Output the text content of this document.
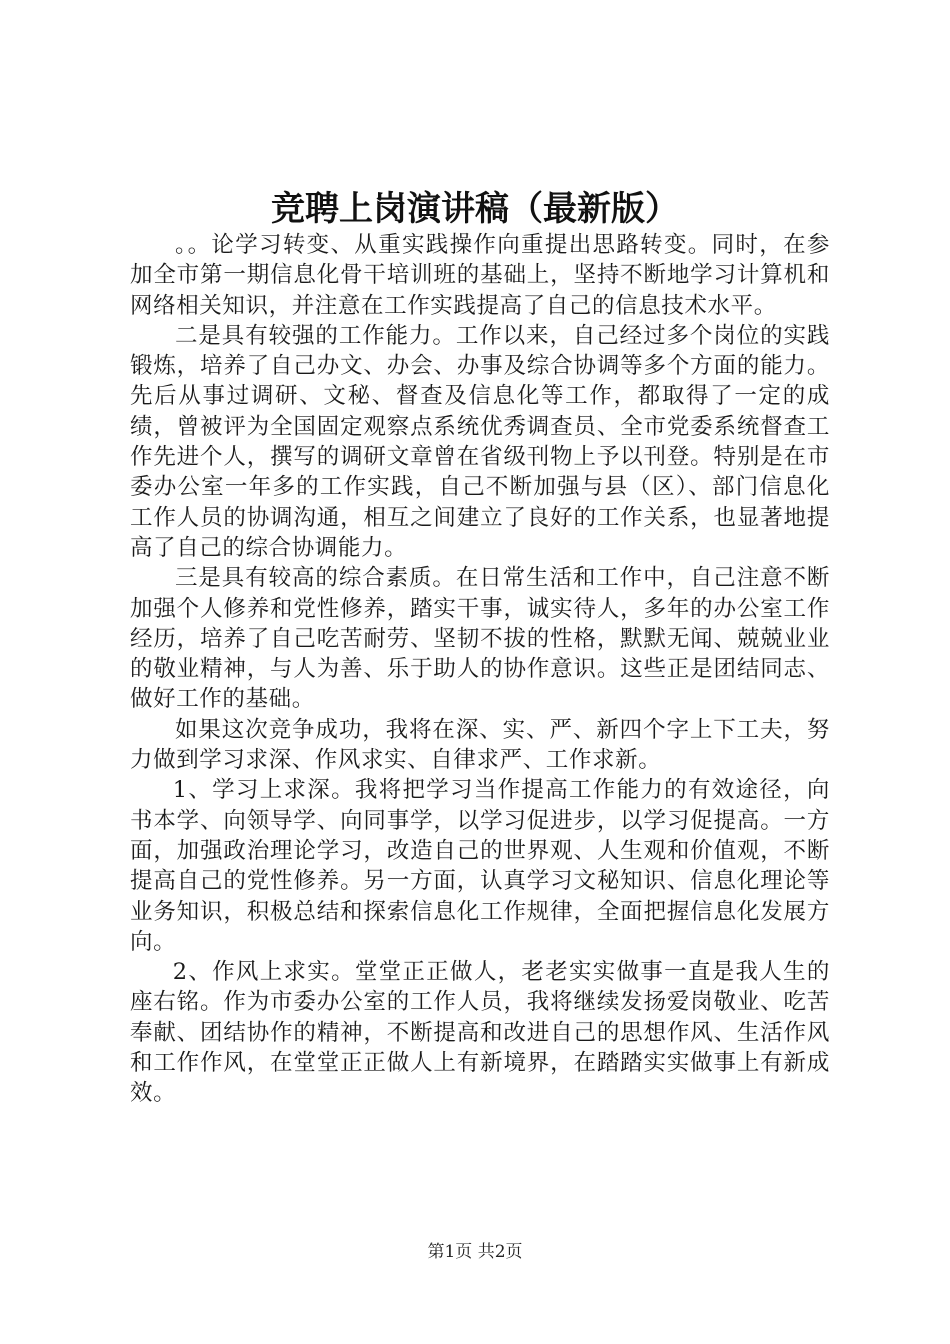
竞聘上岗演讲稿（最新版）

。。论学习转变、从重实践操作向重提出思路转变。同时，在参加全市第一期信息化骨干培训班的基础上，坚持不断地学习计算机和网络相关知识，并注意在工作实践提高了自己的信息技术水平。

二是具有较强的工作能力。工作以来，自己经过多个岗位的实践锻炼，培养了自己办文、办会、办事及综合协调等多个方面的能力。先后从事过调研、文秘、督查及信息化等工作，都取得了一定的成绩，曾被评为全国固定观察点系统优秀调查员、全市党委系统督查工作先进个人，撰写的调研文章曾在省级刊物上予以刊登。特别是在市委办公室一年多的工作实践，自己不断加强与县（区）、部门信息化工作人员的协调沟通，相互之间建立了良好的工作关系，也显著地提高了自己的综合协调能力。

三是具有较高的综合素质。在日常生活和工作中，自己注意不断加强个人修养和党性修养，踏实干事，诚实待人，多年的办公室工作经历，培养了自己吃苦耐劳、坚韧不拔的性格，默默无闻、兢兢业业的敬业精神，与人为善、乐于助人的协作意识。这些正是团结同志、做好工作的基础。

如果这次竞争成功，我将在深、实、严、新四个字上下工夫，努力做到学习求深、作风求实、自律求严、工作求新。

1、学习上求深。我将把学习当作提高工作能力的有效途径，向书本学、向领导学、向同事学，以学习促进步，以学习促提高。一方面，加强政治理论学习，改造自己的世界观、人生观和价值观，不断提高自己的党性修养。另一方面，认真学习文秘知识、信息化理论等业务知识，积极总结和探索信息化工作规律，全面把握信息化发展方向。

2、作风上求实。堂堂正正做人，老老实实做事一直是我人生的座右铭。作为市委办公室的工作人员，我将继续发扬爱岗敬业、吃苦奉献、团结协作的精神，不断提高和改进自己的思想作风、生活作风和工作作风，在堂堂正正做人上有新境界，在踏踏实实做事上有新成效。

第1页 共2页
